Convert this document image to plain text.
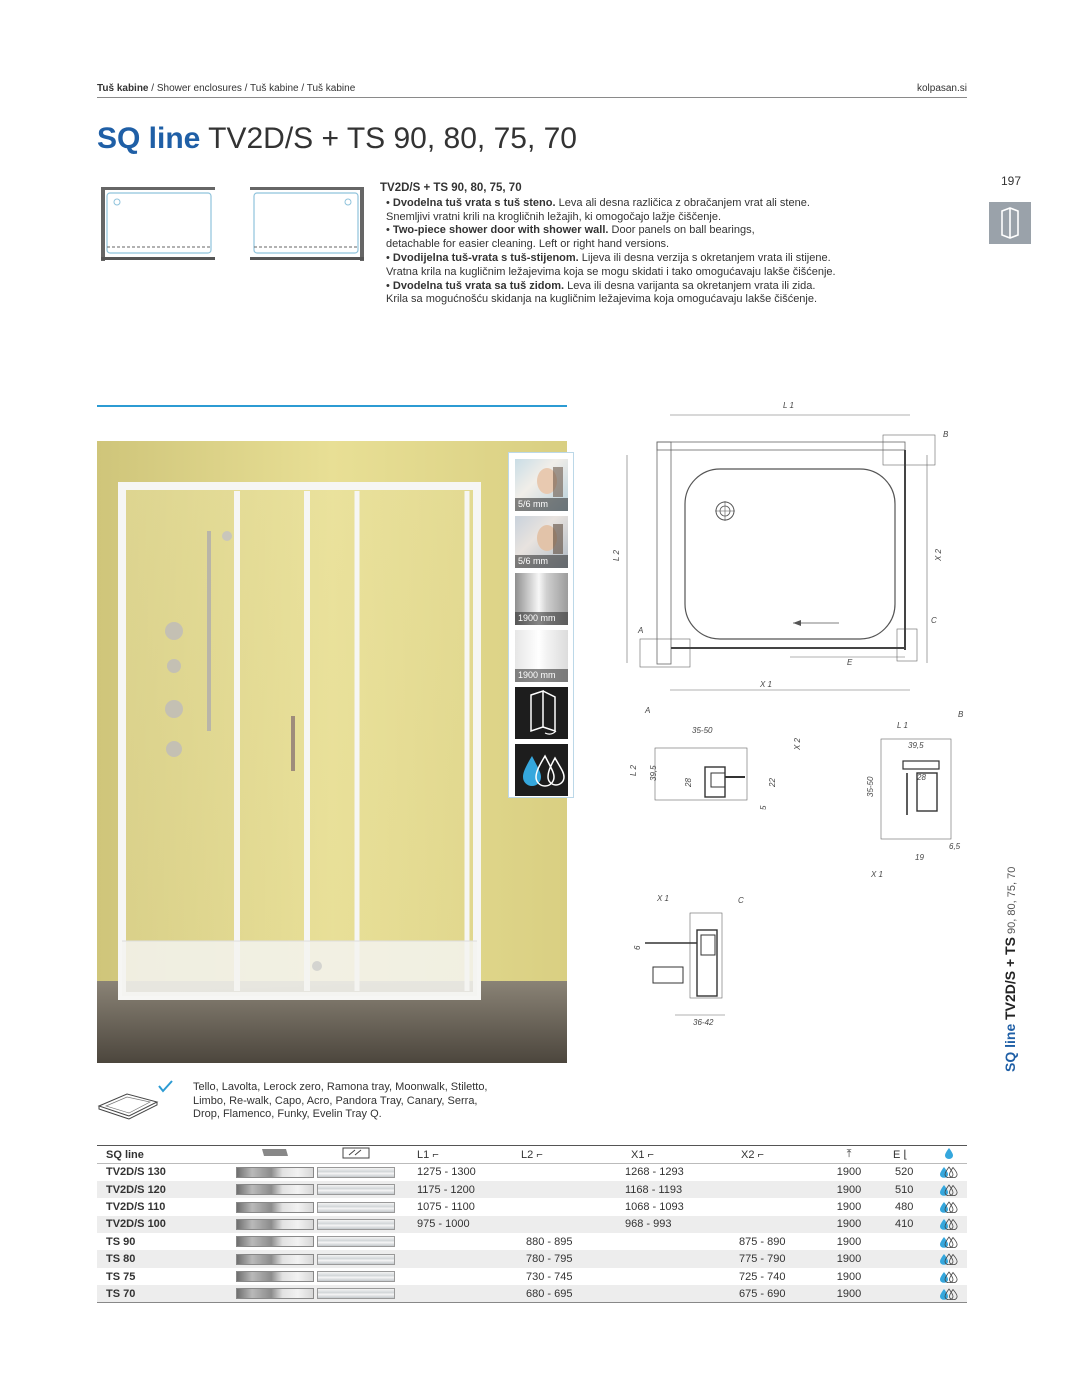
Tuš kabine / Shower enclosures / Tuš kabine / Tuš kabine	kolpasan.si
SQ line TV2D/S + TS 90, 80, 75, 70
197
TV2D/S + TS 90, 80, 75, 70
• Dvodelna tuš vrata s tuš steno. Leva ali desna različica z obračanjem vrat ali stene.
Snemljivi vratni krili na krogličnih ležajih, ki omogočajo lažje čiščenje.
• Two-piece shower door with shower wall. Door panels on ball bearings,
detachable for easier cleaning. Left or right hand versions.
• Dvodijelna tuš-vrata s tuš-stijenom. Lijeva ili desna verzija s okretanjem vrata ili stijene.
Vratna krila na kugličnim ležajevima koja se mogu skidati i tako omogućavaju lakše čišćenje.
• Dvodelna tuš vrata sa tuš zidom. Leva ili desna varijanta sa okretanjem vrata ili zida.
Krila sa mogućnošću skidanja na kugličnim ležajevima koja omogućavaju lakše čišćenje.
5/6 mm
5/6 mm
1900 mm
1900 mm
L 1
L 2	X 2
E
X 1
A
B
C
A
35-50
L 2 39,5
28	22
5
X 2
B
L 1
39,5
28
35-50
19
6,5
X 1
C
X 1
6
36-42
SQ line TV2D/S + TS 90, 80, 75, 70
Tello, Lavolta, Lerock zero, Ramona tray, Moonwalk, Stiletto, Limbo, Re-walk, Capo, Acro, Pandora Tray, Canary, Serra, Drop, Flamenco, Funky, Evelin Tray Q.
SQ line			L1 ⌐	L2 ⌐	X1 ⌐	X2 ⌐	⤒	E ⌊	
TV2D/S 130			1275 - 1300		1268 - 1293		1900	520	
TV2D/S 120			1175 - 1200		1168 - 1193		1900	510	
TV2D/S 110			1075 - 1100		1068 - 1093		1900	480	
TV2D/S 100			975 - 1000		968 - 993		1900	410	
TS 90				880 - 895		875 - 890	1900		
TS 80				780 - 795		775 - 790	1900		
TS 75				730 - 745		725 - 740	1900		
TS 70				680 - 695		675 - 690	1900		
